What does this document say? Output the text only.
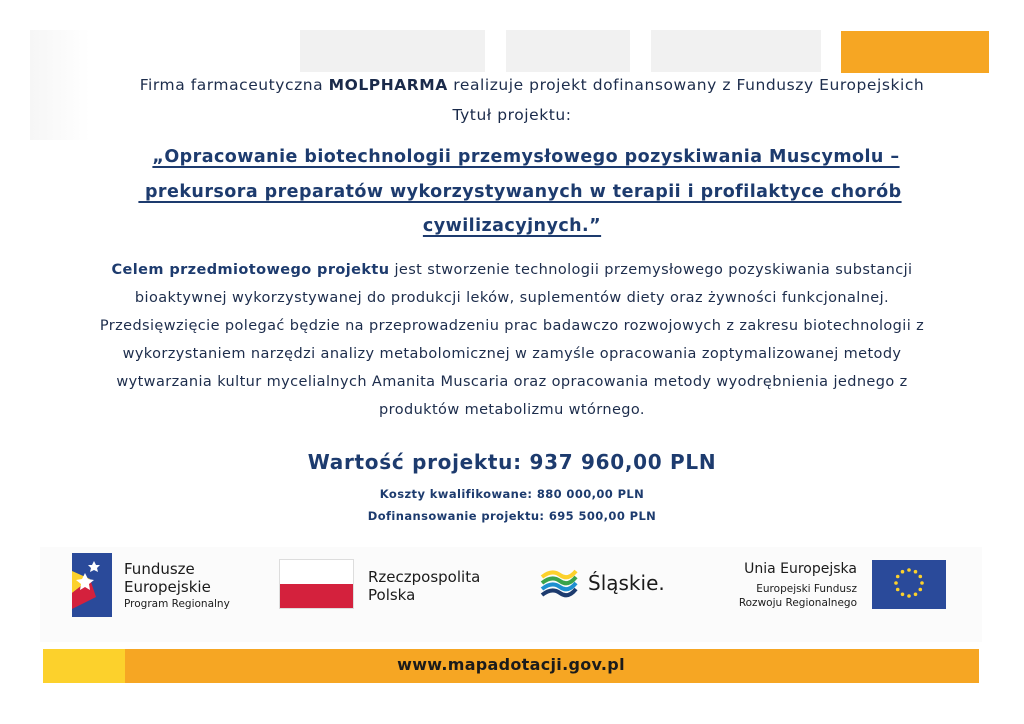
Firma farmaceutyczna MOLPHARMA realizuje projekt dofinansowany z Funduszy Europejskich
Tytuł projektu:
„Opracowanie biotechnologii przemysłowego pozyskiwania Muscymolu –
prekursora preparatów wykorzystywanych w terapii i profilaktyce chorób
cywilizacyjnych.”
Celem przedmiotowego projektu jest stworzenie technologii przemysłowego pozyskiwania substancji
bioaktywnej wykorzystywanej do produkcji leków, suplementów diety oraz żywności funkcjonalnej.
Przedsięwzięcie polegać będzie na przeprowadzeniu prac badawczo rozwojowych z zakresu biotechnologii z
wykorzystaniem narzędzi analizy metabolomicznej w zamyśle opracowania zoptymalizowanej metody
wytwarzania kultur mycelialnych Amanita Muscaria oraz opracowania metody wyodrębnienia jednego z
produktów metabolizmu wtórnego.
Wartość projektu: 937 960,00 PLN
Koszty kwalifikowane: 880 000,00 PLN
Dofinansowanie projektu: 695 500,00 PLN
Fundusze
Europejskie
Program Regionalny
Rzeczpospolita
Polska	Śląskie.
Unia Europejska
Europejski Fundusz
Rozwoju Regionalnego
www.mapadotacji.gov.pl
